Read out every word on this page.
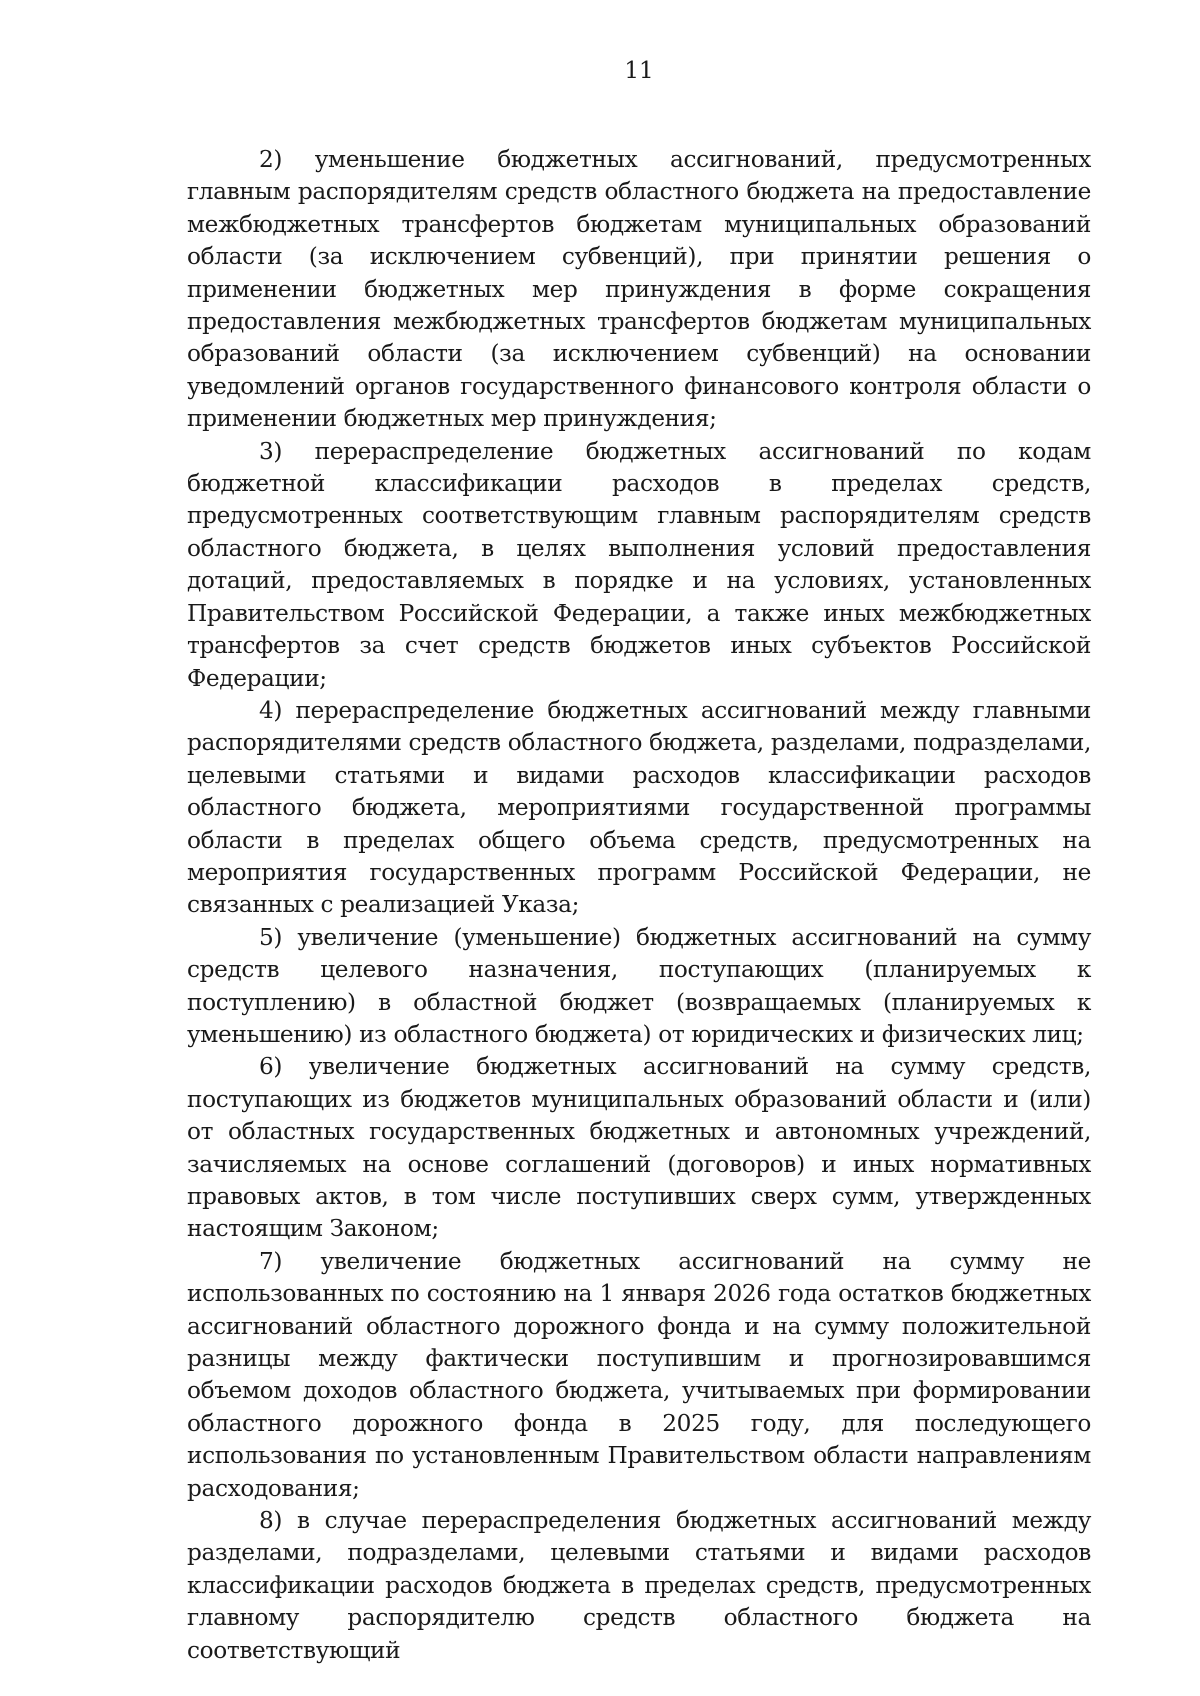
11

2) уменьшение бюджетных ассигнований, предусмотренных главным распорядителям средств областного бюджета на предоставление межбюджетных трансфертов бюджетам муниципальных образований области (за исключением субвенций), при принятии решения о применении бюджетных мер принуждения в форме сокращения предоставления межбюджетных трансфертов бюджетам муниципальных образований области (за исключением субвенций) на основании уведомлений органов государственного финансового контроля области о применении бюджетных мер принуждения;

3) перераспределение бюджетных ассигнований по кодам бюджетной классификации расходов в пределах средств, предусмотренных соответствующим главным распорядителям средств областного бюджета, в целях выполнения условий предоставления дотаций, предоставляемых в порядке и на условиях, установленных Правительством Российской Федерации, а также иных межбюджетных трансфертов за счет средств бюджетов иных субъектов Российской Федерации;

4) перераспределение бюджетных ассигнований между главными распорядителями средств областного бюджета, разделами, подразделами, целевыми статьями и видами расходов классификации расходов областного бюджета, мероприятиями государственной программы области в пределах общего объема средств, предусмотренных на мероприятия государственных программ Российской Федерации, не связанных с реализацией Указа;

5) увеличение (уменьшение) бюджетных ассигнований на сумму средств целевого назначения, поступающих (планируемых к поступлению) в областной бюджет (возвращаемых (планируемых к уменьшению) из областного бюджета) от юридических и физических лиц;

6) увеличение бюджетных ассигнований на сумму средств, поступающих из бюджетов муниципальных образований области и (или) от областных государственных бюджетных и автономных учреждений, зачисляемых на основе соглашений (договоров) и иных нормативных правовых актов, в том числе поступивших сверх сумм, утвержденных настоящим Законом;

7) увеличение бюджетных ассигнований на сумму не использованных по состоянию на 1 января 2026 года остатков бюджетных ассигнований областного дорожного фонда и на сумму положительной разницы между фактически поступившим и прогнозировавшимся объемом доходов областного бюджета, учитываемых при формировании областного дорожного фонда в 2025 году, для последующего использования по установленным Правительством области направлениям расходования;

8) в случае перераспределения бюджетных ассигнований между разделами, подразделами, целевыми статьями и видами расходов классификации расходов бюджета в пределах средств, предусмотренных главному распорядителю средств областного бюджета на соответствующий
